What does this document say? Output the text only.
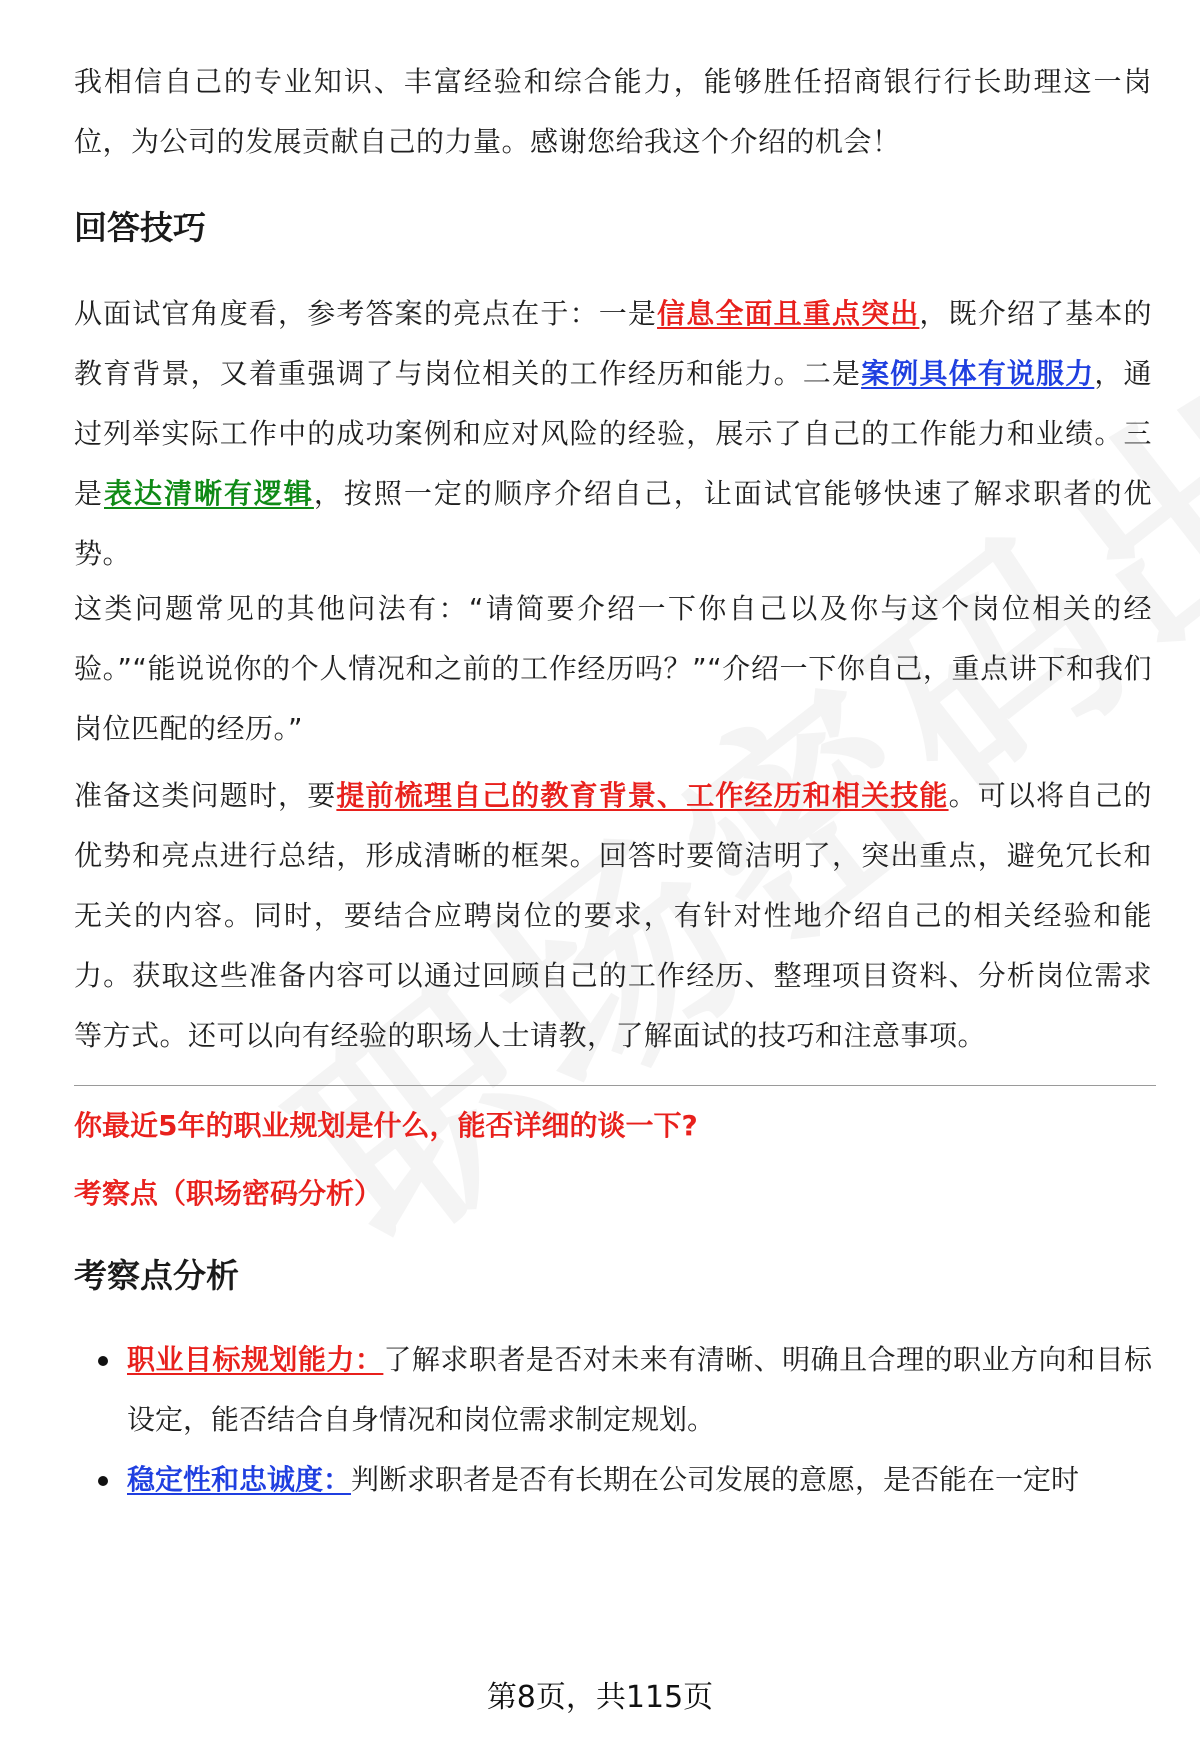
我相信自己的专业知识、丰富经验和综合能力，能够胜任招商银行行长助理这一岗位，为公司的发展贡献自己的力量。感谢您给我这个介绍的机会！

回答技巧

从面试官角度看，参考答案的亮点在于：一是信息全面且重点突出，既介绍了基本的教育背景，又着重强调了与岗位相关的工作经历和能力。二是案例具体有说服力，通过列举实际工作中的成功案例和应对风险的经验，展示了自己的工作能力和业绩。三是表达清晰有逻辑，按照一定的顺序介绍自己，让面试官能够快速了解求职者的优势。

这类问题常见的其他问法有：“请简要介绍一下你自己以及你与这个岗位相关的经验。”“能说说你的个人情况和之前的工作经历吗？”“介绍一下你自己，重点讲下和我们岗位匹配的经历。”

准备这类问题时，要提前梳理自己的教育背景、工作经历和相关技能。可以将自己的优势和亮点进行总结，形成清晰的框架。回答时要简洁明了，突出重点，避免冗长和无关的内容。同时，要结合应聘岗位的要求，有针对性地介绍自己的相关经验和能力。获取这些准备内容可以通过回顾自己的工作经历、整理项目资料、分析岗位需求等方式。还可以向有经验的职场人士请教，了解面试的技巧和注意事项。

你最近5年的职业规划是什么，能否详细的谈一下?

考察点（职场密码分析）

考察点分析
职业目标规划能力：了解求职者是否对未来有清晰、明确且合理的职业方向和目标设定，能否结合自身情况和岗位需求制定规划。
稳定性和忠诚度：判断求职者是否有长期在公司发展的意愿，是否能在一定时
第8页，共115页
